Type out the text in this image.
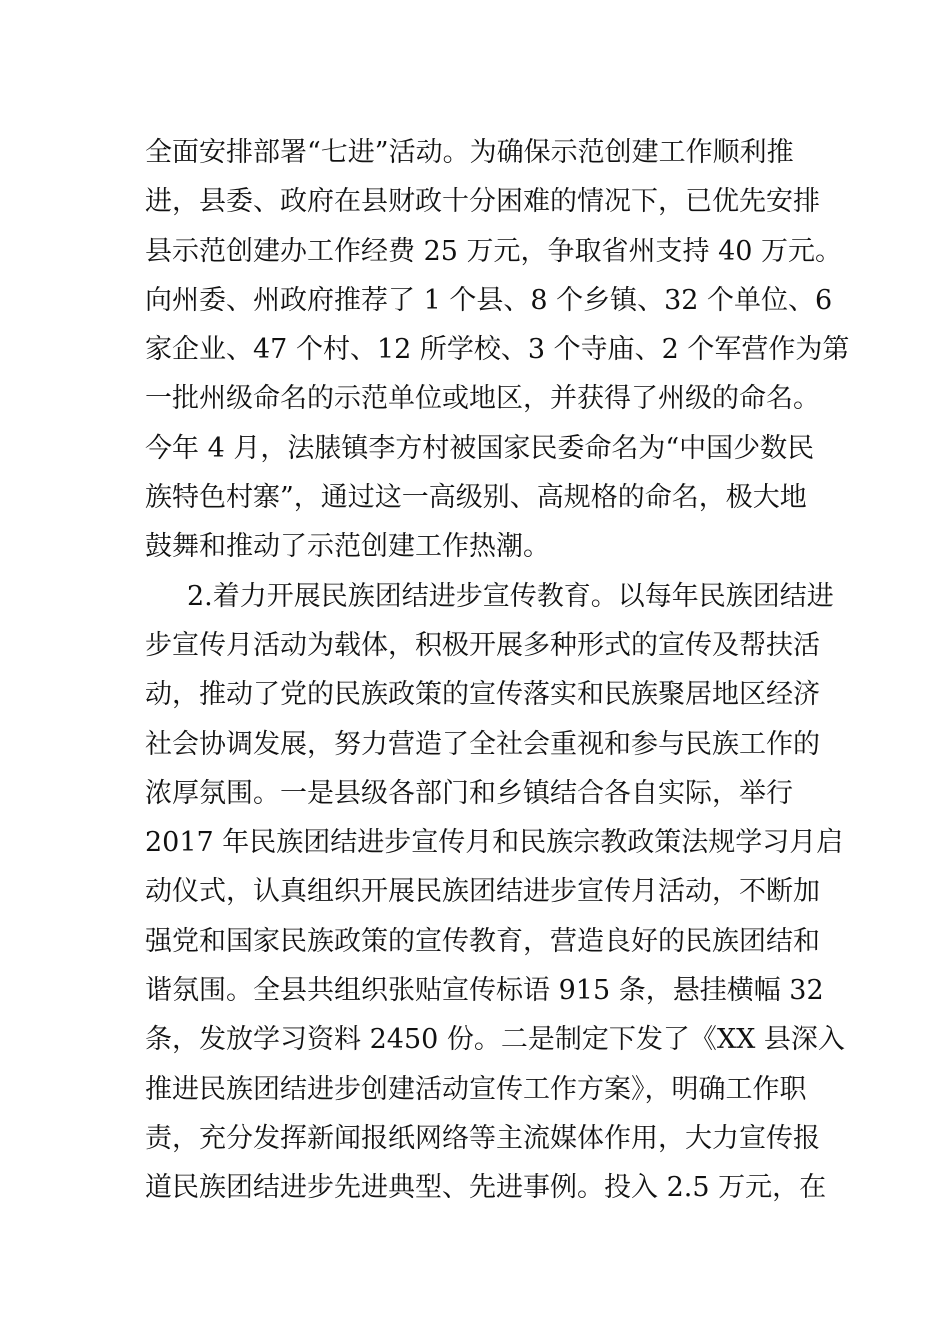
全面安排部署“七进”活动。为确保示范创建工作顺利推
进，县委、政府在县财政十分困难的情况下，已优先安排
县示范创建办工作经费 25 万元，争取省州支持 40 万元。
向州委、州政府推荐了 1 个县、8 个乡镇、32 个单位、6
家企业、47 个村、12 所学校、3 个寺庙、2 个军营作为第
一批州级命名的示范单位或地区，并获得了州级的命名。
今年 4 月，法脿镇李方村被国家民委命名为“中国少数民
族特色村寨”，通过这一高级别、高规格的命名，极大地
鼓舞和推动了示范创建工作热潮。
2.着力开展民族团结进步宣传教育。以每年民族团结进
步宣传月活动为载体，积极开展多种形式的宣传及帮扶活
动，推动了党的民族政策的宣传落实和民族聚居地区经济
社会协调发展，努力营造了全社会重视和参与民族工作的
浓厚氛围。一是县级各部门和乡镇结合各自实际，举行
2017 年民族团结进步宣传月和民族宗教政策法规学习月启
动仪式，认真组织开展民族团结进步宣传月活动，不断加
强党和国家民族政策的宣传教育，营造良好的民族团结和
谐氛围。全县共组织张贴宣传标语 915 条，悬挂横幅 32
条，发放学习资料 2450 份。二是制定下发了《XX 县深入
推进民族团结进步创建活动宣传工作方案》，明确工作职
责，充分发挥新闻报纸网络等主流媒体作用，大力宣传报
道民族团结进步先进典型、先进事例。投入 2.5 万元，在
